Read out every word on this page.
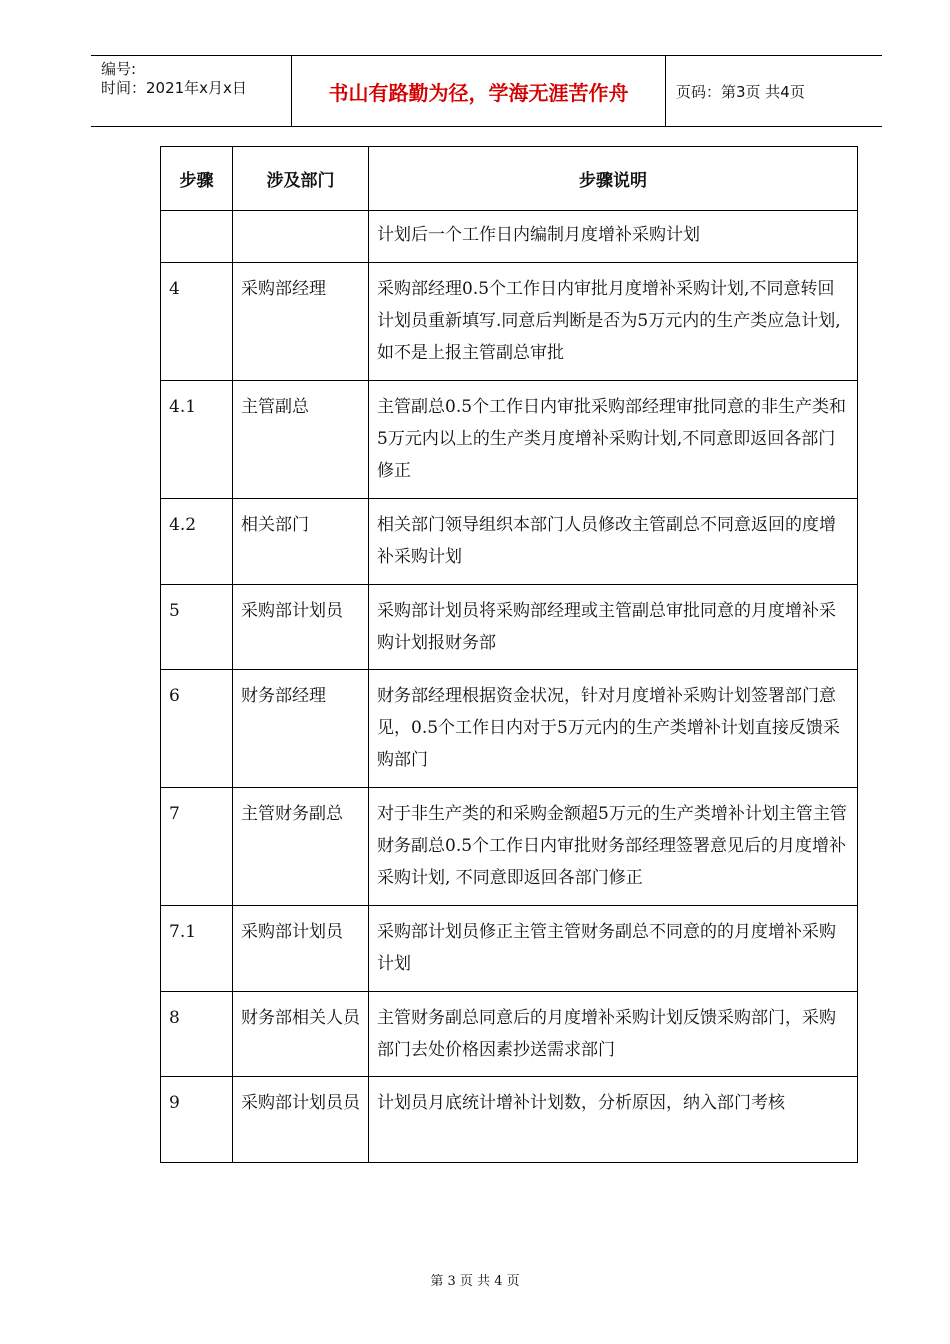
编号:
时间：2021年x月x日	书山有路勤为径，学海无涯苦作舟	页码：第3页 共4页
步骤	涉及部门	步骤说明
		计划后一个工作日内编制月度增补采购计划
4	采购部经理	采购部经理0.5个工作日内审批月度增补采购计划,不同意转回计划员重新填写.同意后判断是否为5万元内的生产类应急计划,如不是上报主管副总审批
4.1	主管副总	主管副总0.5个工作日内审批采购部经理审批同意的非生产类和5万元内以上的生产类月度增补采购计划,不同意即返回各部门修正
4.2	相关部门	相关部门领导组织本部门人员修改主管副总不同意返回的度增补采购计划
5	采购部计划员	采购部计划员将采购部经理或主管副总审批同意的月度增补采购计划报财务部
6	财务部经理	财务部经理根据资金状况，针对月度增补采购计划签署部门意见，0.5个工作日内对于5万元内的生产类增补计划直接反馈采购部门
7	主管财务副总	对于非生产类的和采购金额超5万元的生产类增补计划主管主管财务副总0.5个工作日内审批财务部经理签署意见后的月度增补采购计划, 不同意即返回各部门修正
7.1	采购部计划员	采购部计划员修正主管主管财务副总不同意的的月度增补采购计划
8	财务部相关人员	主管财务副总同意后的月度增补采购计划反馈采购部门，采购部门去处价格因素抄送需求部门
9	采购部计划员员	计划员月底统计增补计划数，分析原因，纳入部门考核
第 3 页 共 4 页
